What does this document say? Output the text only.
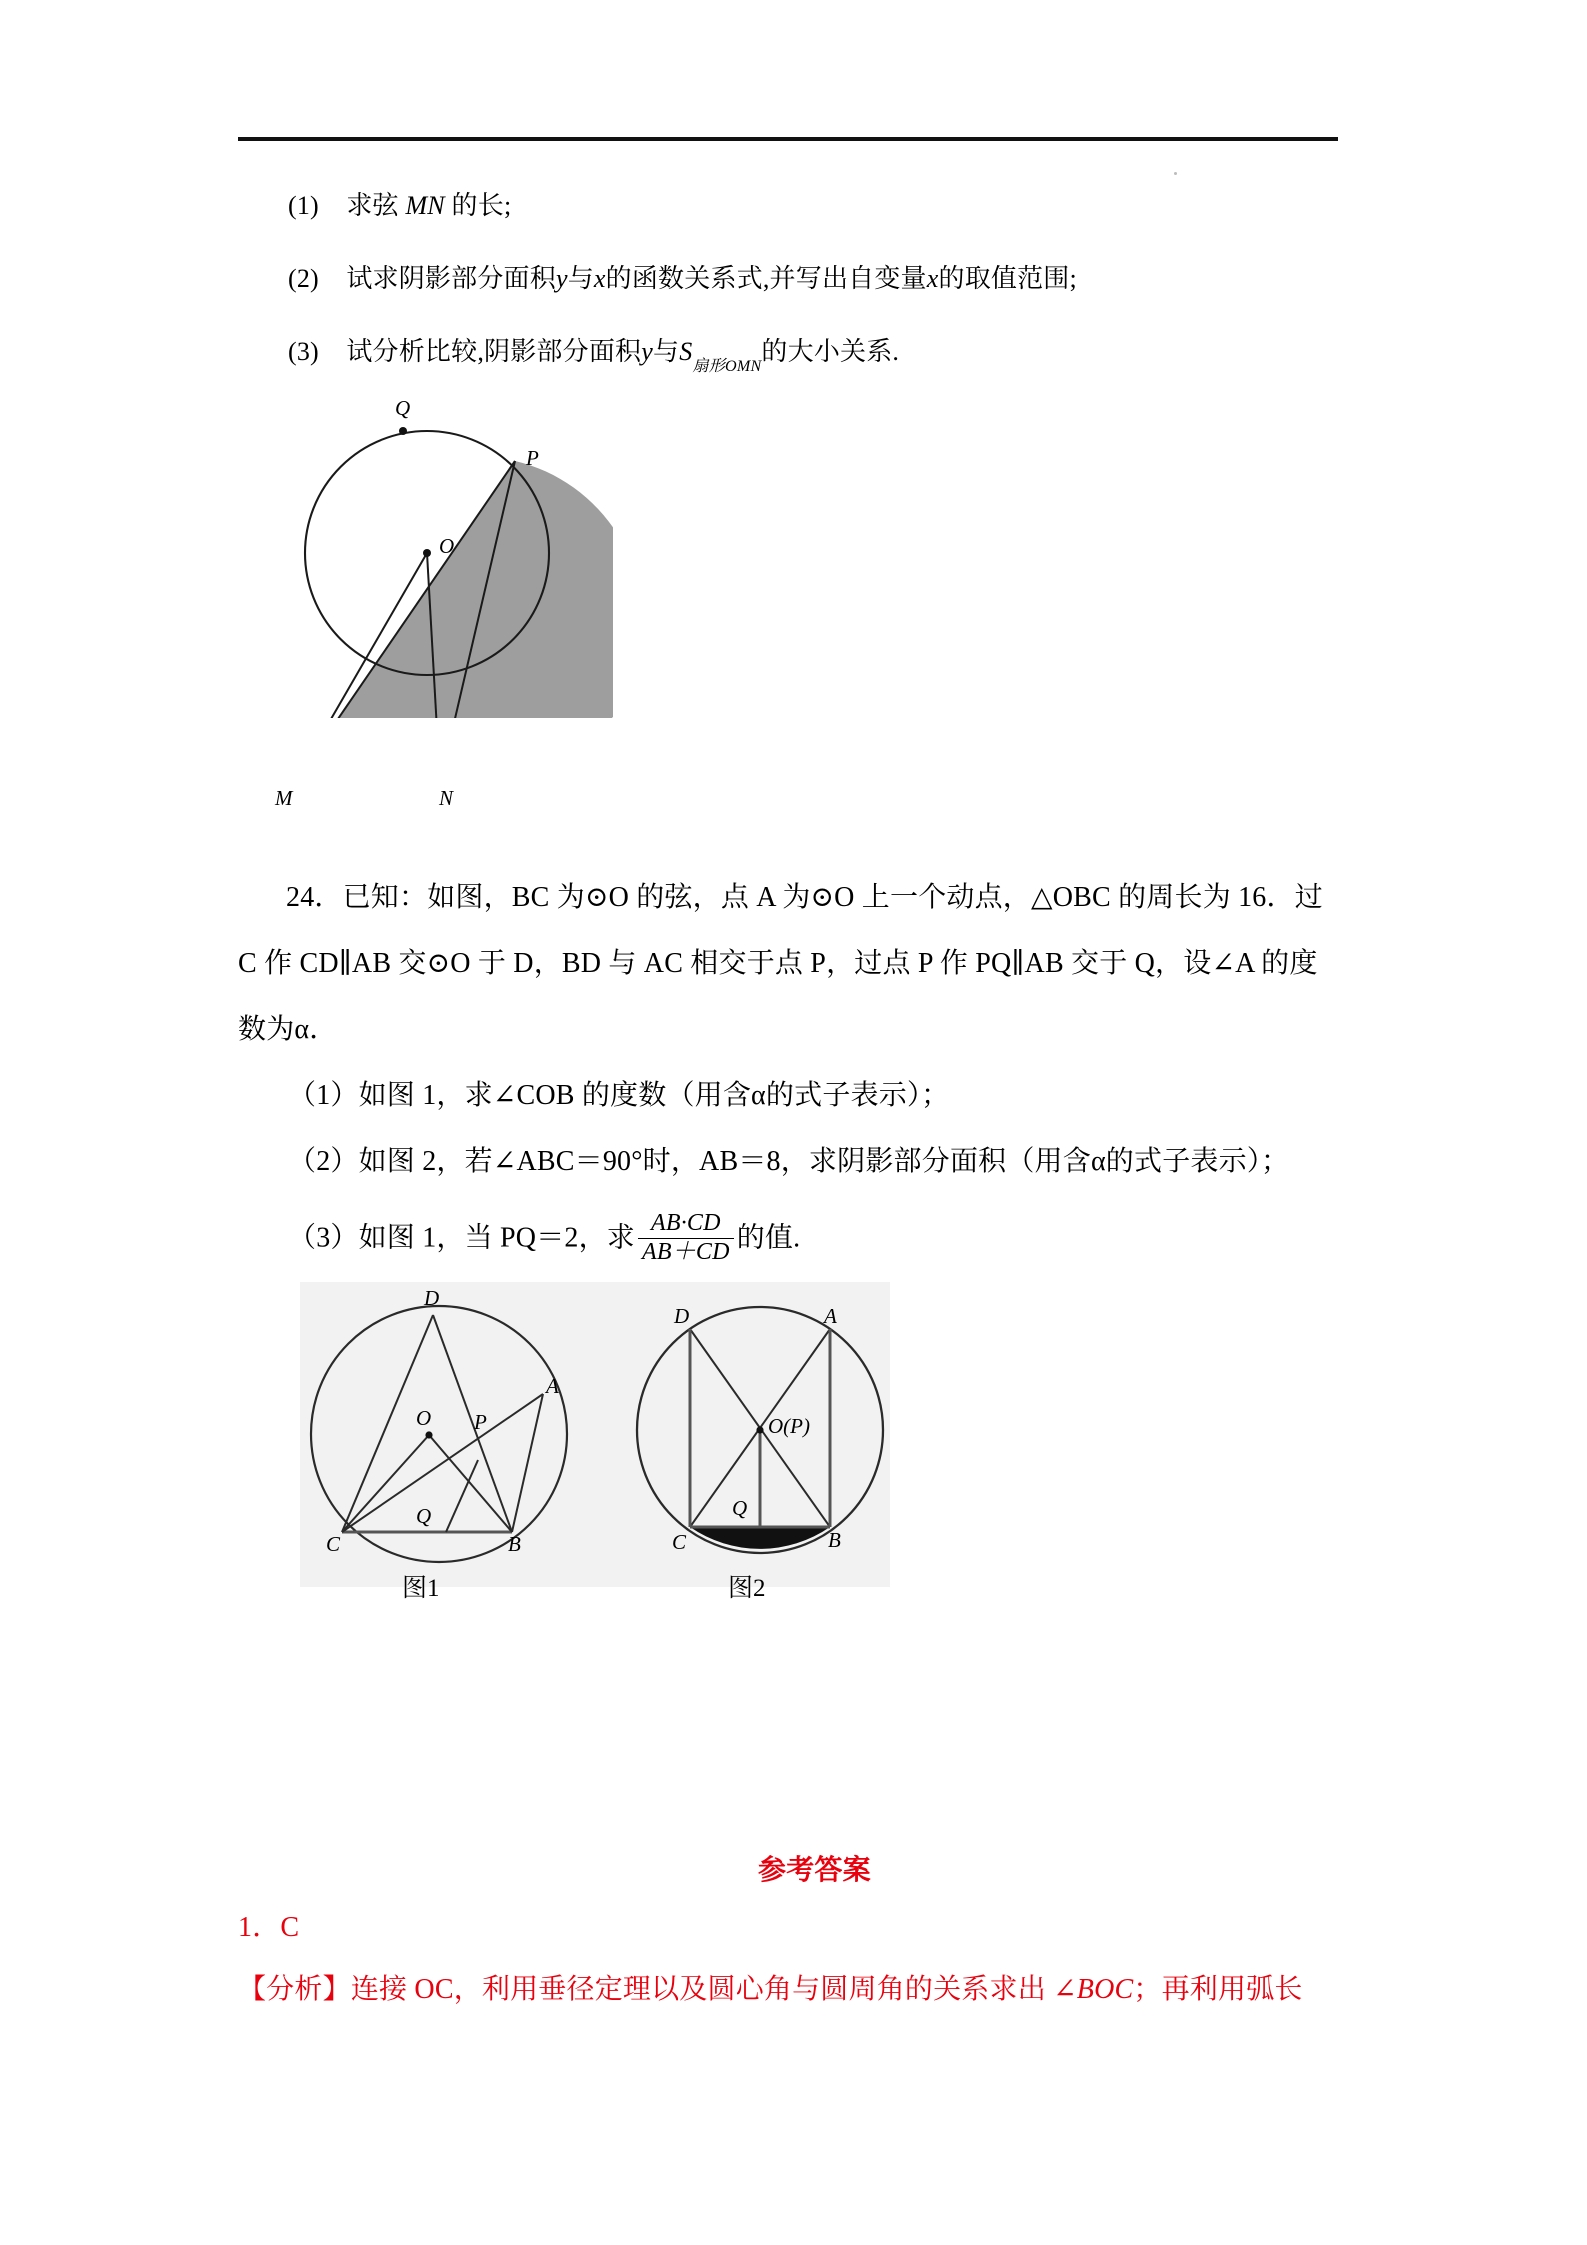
(1) 求弦 MN 的长;
(2) 试求阴影部分面积y与x的函数关系式,并写出自变量x的取值范围;
(3) 试分析比较,阴影部分面积y与$S_{扇形OMN}$的大小关系.
Q
O
P
M	N
24．已知：如图，BC 为⊙O 的弦，点 A 为⊙O 上一个动点，△OBC 的周长为 16．过
C 作 CD∥AB 交⊙O 于 D，BD 与 AC 相交于点 P，过点 P 作 PQ∥AB 交于 Q，设∠A 的度
数为α．
（1）如图 1，求∠COB 的度数（用含α的式子表示）；
（2）如图 2，若∠ABC＝90°时，AB＝8，求阴影部分面积（用含α的式子表示）；
（3）如图 1，当 PQ＝2，求 $\frac{AB\cdot CD}{AB+CD}$ 的值.
D
A
O P
Q
C	B
图1
D	A
O(P)
Q
C	B
图2
参考答案
1．C
【分析】连接 OC，利用垂径定理以及圆心角与圆周角的关系求出 ∠BOC；再利用弧长
